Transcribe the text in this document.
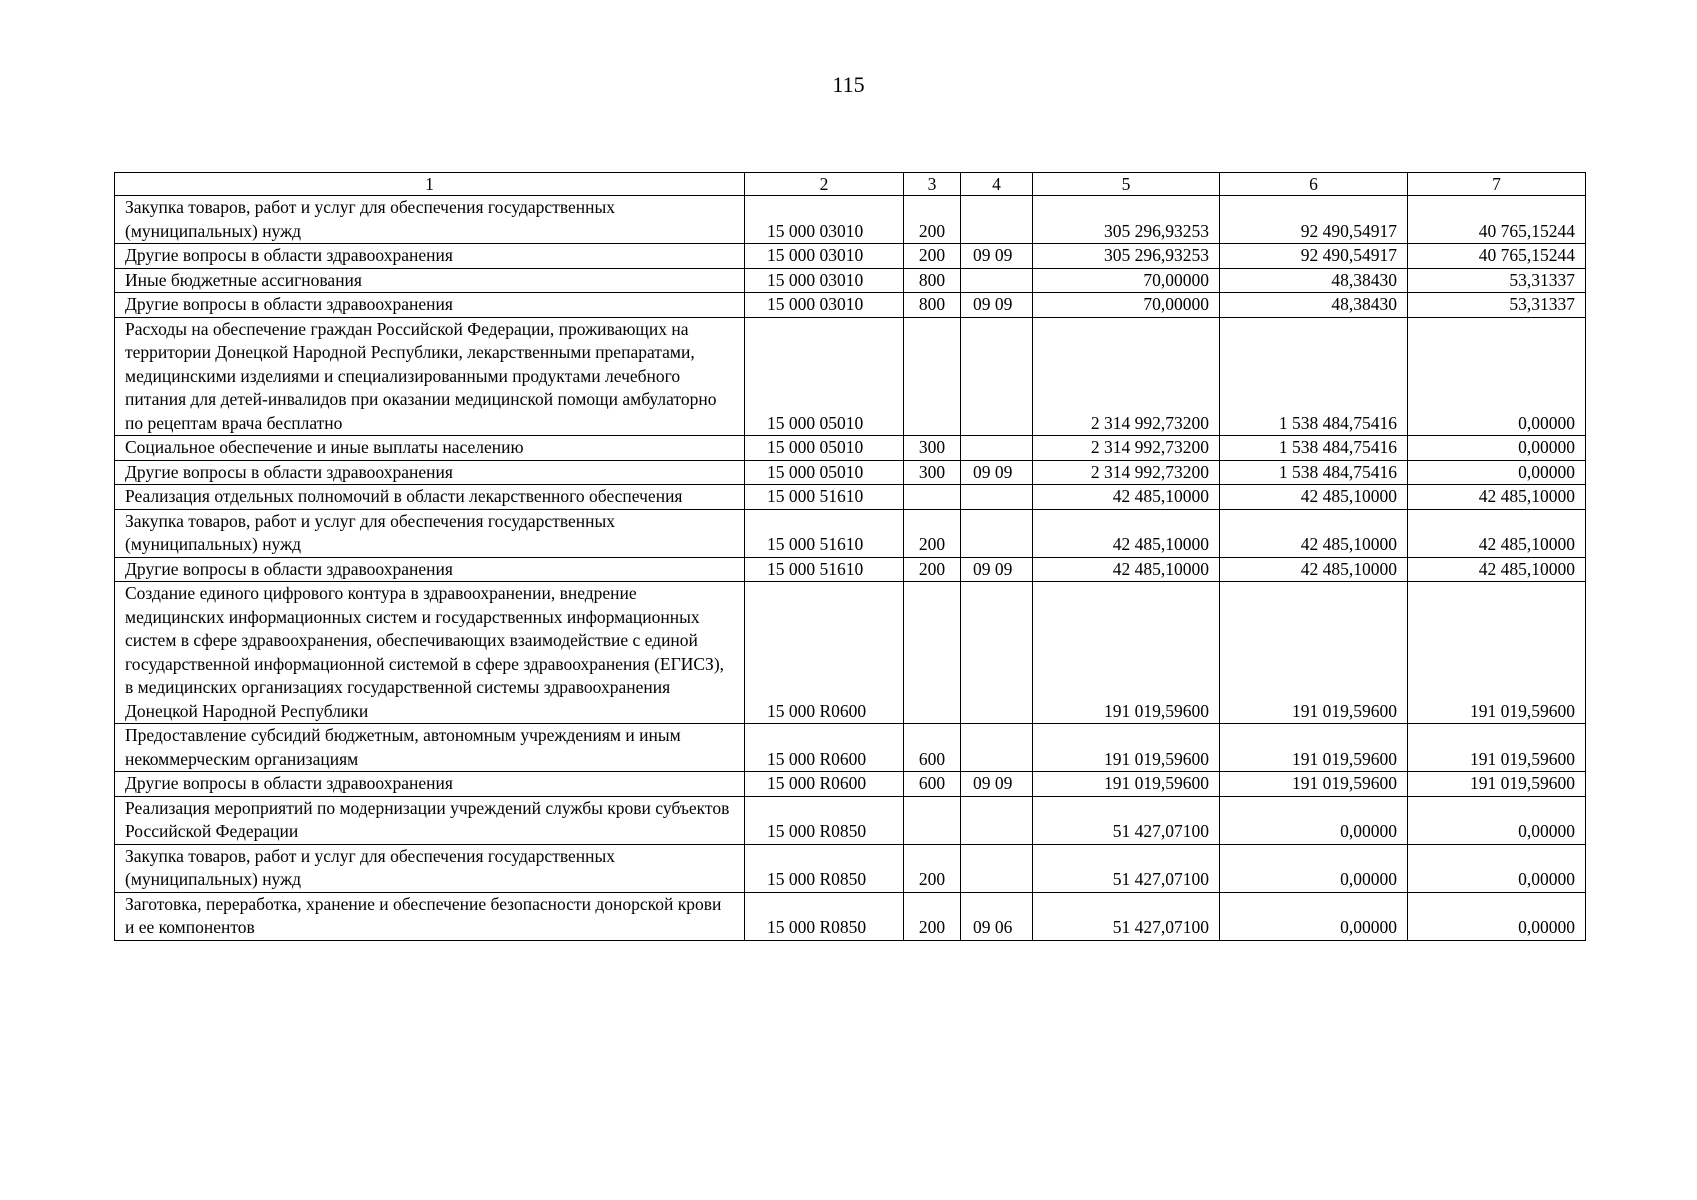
115
1	2	3	4	5	6	7
Закупка товаров, работ и услуг для обеспечения государственных (муниципальных) нужд	15 000 03010	200		305 296,93253	92 490,54917	40 765,15244
Другие вопросы в области здравоохранения	15 000 03010	200	09 09	305 296,93253	92 490,54917	40 765,15244
Иные бюджетные ассигнования	15 000 03010	800		70,00000	48,38430	53,31337
Другие вопросы в области здравоохранения	15 000 03010	800	09 09	70,00000	48,38430	53,31337
Расходы на обеспечение граждан Российской Федерации, проживающих на территории Донецкой Народной Республики, лекарственными препаратами, медицинскими изделиями и специализированными продуктами лечебного питания для детей-инвалидов при оказании медицинской помощи амбулаторно по рецептам врача бесплатно	15 000 05010			2 314 992,73200	1 538 484,75416	0,00000
Социальное обеспечение и иные выплаты населению	15 000 05010	300		2 314 992,73200	1 538 484,75416	0,00000
Другие вопросы в области здравоохранения	15 000 05010	300	09 09	2 314 992,73200	1 538 484,75416	0,00000
Реализация отдельных полномочий в области лекарственного обеспечения	15 000 51610			42 485,10000	42 485,10000	42 485,10000
Закупка товаров, работ и услуг для обеспечения государственных (муниципальных) нужд	15 000 51610	200		42 485,10000	42 485,10000	42 485,10000
Другие вопросы в области здравоохранения	15 000 51610	200	09 09	42 485,10000	42 485,10000	42 485,10000
Создание единого цифрового контура в здравоохранении, внедрение медицинских информационных систем и государственных информационных систем в сфере здравоохранения, обеспечивающих взаимодействие с единой государственной информационной системой в сфере здравоохранения (ЕГИСЗ), в медицинских организациях государственной системы здравоохранения Донецкой Народной Республики	15 000 R0600			191 019,59600	191 019,59600	191 019,59600
Предоставление субсидий бюджетным, автономным учреждениям и иным некоммерческим организациям	15 000 R0600	600		191 019,59600	191 019,59600	191 019,59600
Другие вопросы в области здравоохранения	15 000 R0600	600	09 09	191 019,59600	191 019,59600	191 019,59600
Реализация мероприятий по модернизации учреждений службы крови субъектов Российской Федерации	15 000 R0850			51 427,07100	0,00000	0,00000
Закупка товаров, работ и услуг для обеспечения государственных (муниципальных) нужд	15 000 R0850	200		51 427,07100	0,00000	0,00000
Заготовка, переработка, хранение и обеспечение безопасности донорской крови и ее компонентов	15 000 R0850	200	09 06	51 427,07100	0,00000	0,00000
